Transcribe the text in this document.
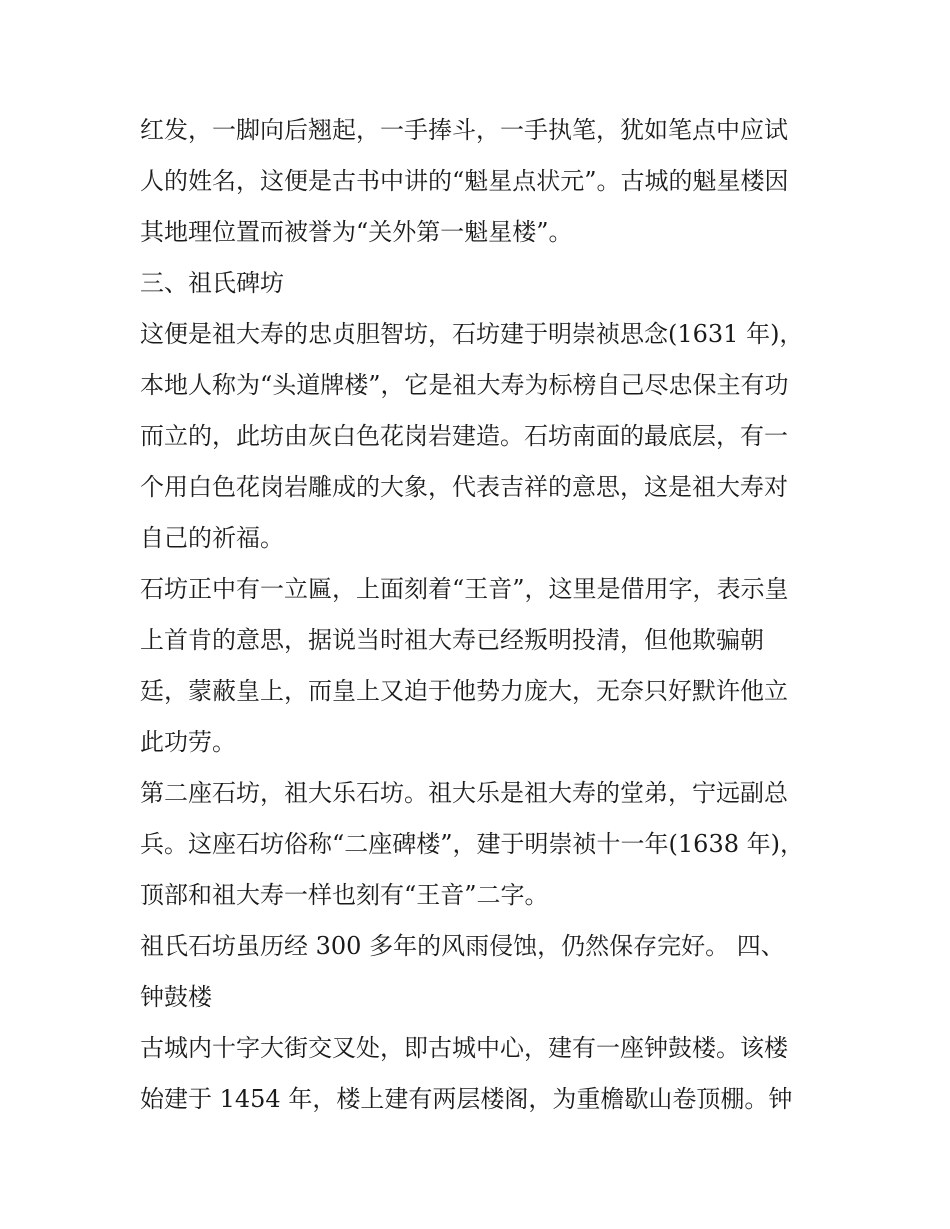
红发，一脚向后翘起，一手捧斗，一手执笔，犹如笔点中应试
人的姓名，这便是古书中讲的“魁星点状元”。古城的魁星楼因
其地理位置而被誉为“关外第一魁星楼”。
三、祖氏碑坊
这便是祖大寿的忠贞胆智坊，石坊建于明崇祯思念(1631 年)，
本地人称为“头道牌楼”，它是祖大寿为标榜自己尽忠保主有功
而立的，此坊由灰白色花岗岩建造。石坊南面的最底层，有一
个用白色花岗岩雕成的大象，代表吉祥的意思，这是祖大寿对
自己的祈福。
石坊正中有一立匾，上面刻着“王音”，这里是借用字，表示皇
上首肯的意思，据说当时祖大寿已经叛明投清，但他欺骗朝
廷，蒙蔽皇上，而皇上又迫于他势力庞大，无奈只好默许他立
此功劳。
第二座石坊，祖大乐石坊。祖大乐是祖大寿的堂弟，宁远副总
兵。这座石坊俗称“二座碑楼”，建于明崇祯十一年(1638 年)，
顶部和祖大寿一样也刻有“王音”二字。
祖氏石坊虽历经 300 多年的风雨侵蚀，仍然保存完好。 四、
钟鼓楼
古城内十字大街交叉处，即古城中心，建有一座钟鼓楼。该楼
始建于 1454 年，楼上建有两层楼阁，为重檐歇山卷顶棚。钟
